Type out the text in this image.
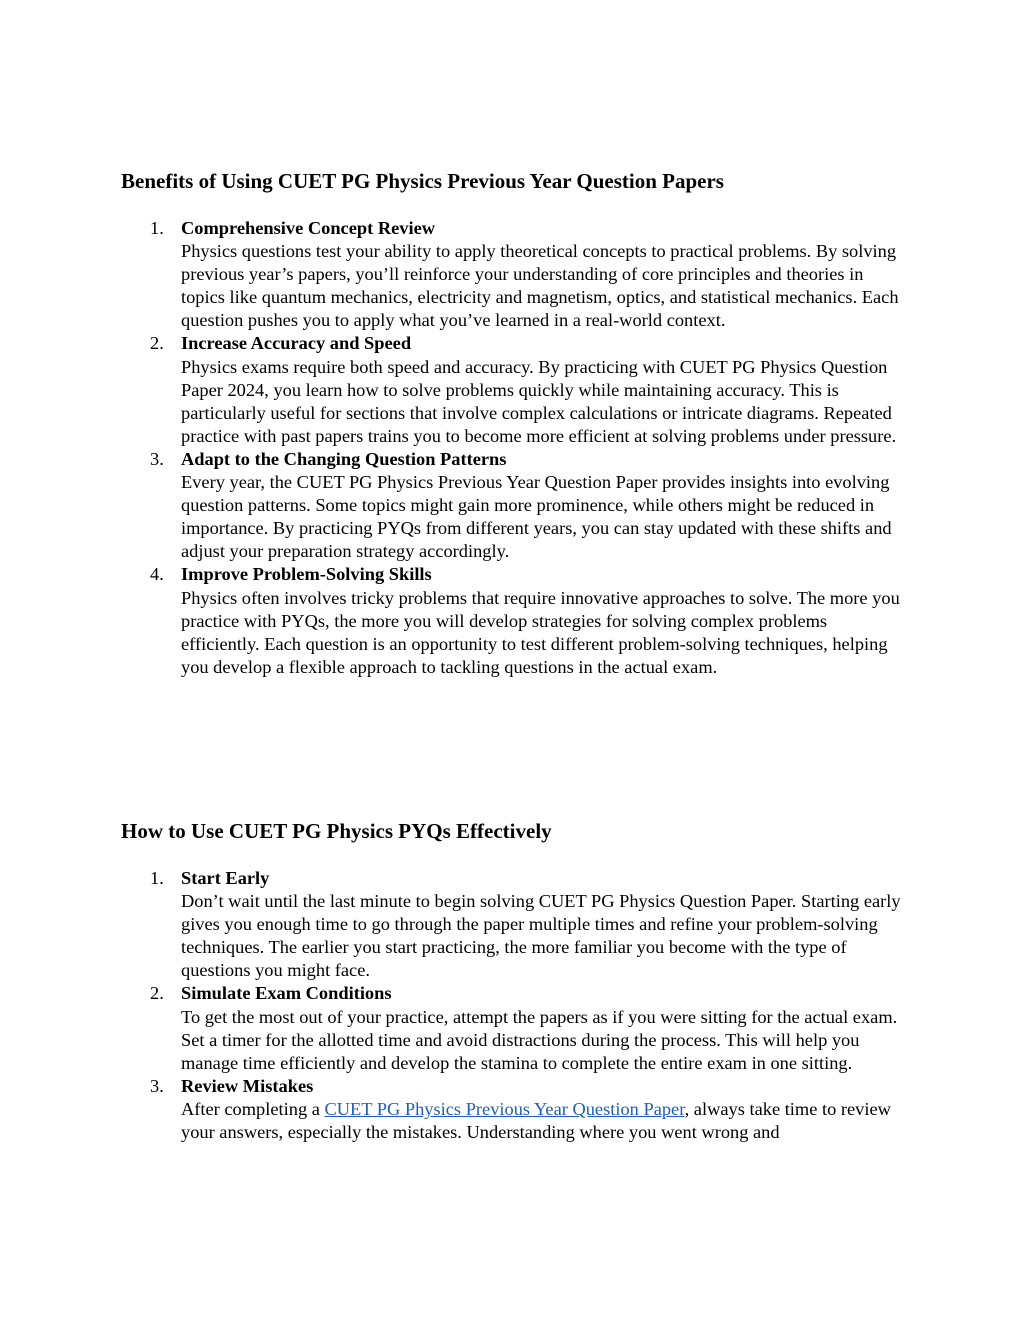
Benefits of Using CUET PG Physics Previous Year Question Papers
1. Comprehensive Concept Review
Physics questions test your ability to apply theoretical concepts to practical problems. By solving previous year’s papers, you’ll reinforce your understanding of core principles and theories in topics like quantum mechanics, electricity and magnetism, optics, and statistical mechanics. Each question pushes you to apply what you’ve learned in a real-world context.
2. Increase Accuracy and Speed
Physics exams require both speed and accuracy. By practicing with CUET PG Physics Question Paper 2024, you learn how to solve problems quickly while maintaining accuracy. This is particularly useful for sections that involve complex calculations or intricate diagrams. Repeated practice with past papers trains you to become more efficient at solving problems under pressure.
3. Adapt to the Changing Question Patterns
Every year, the CUET PG Physics Previous Year Question Paper provides insights into evolving question patterns. Some topics might gain more prominence, while others might be reduced in importance. By practicing PYQs from different years, you can stay updated with these shifts and adjust your preparation strategy accordingly.
4. Improve Problem-Solving Skills
Physics often involves tricky problems that require innovative approaches to solve. The more you practice with PYQs, the more you will develop strategies for solving complex problems efficiently. Each question is an opportunity to test different problem-solving techniques, helping you develop a flexible approach to tackling questions in the actual exam.
How to Use CUET PG Physics PYQs Effectively
1. Start Early
Don’t wait until the last minute to begin solving CUET PG Physics Question Paper. Starting early gives you enough time to go through the paper multiple times and refine your problem-solving techniques. The earlier you start practicing, the more familiar you become with the type of questions you might face.
2. Simulate Exam Conditions
To get the most out of your practice, attempt the papers as if you were sitting for the actual exam. Set a timer for the allotted time and avoid distractions during the process. This will help you manage time efficiently and develop the stamina to complete the entire exam in one sitting.
3. Review Mistakes
After completing a CUET PG Physics Previous Year Question Paper, always take time to review your answers, especially the mistakes. Understanding where you went wrong and
